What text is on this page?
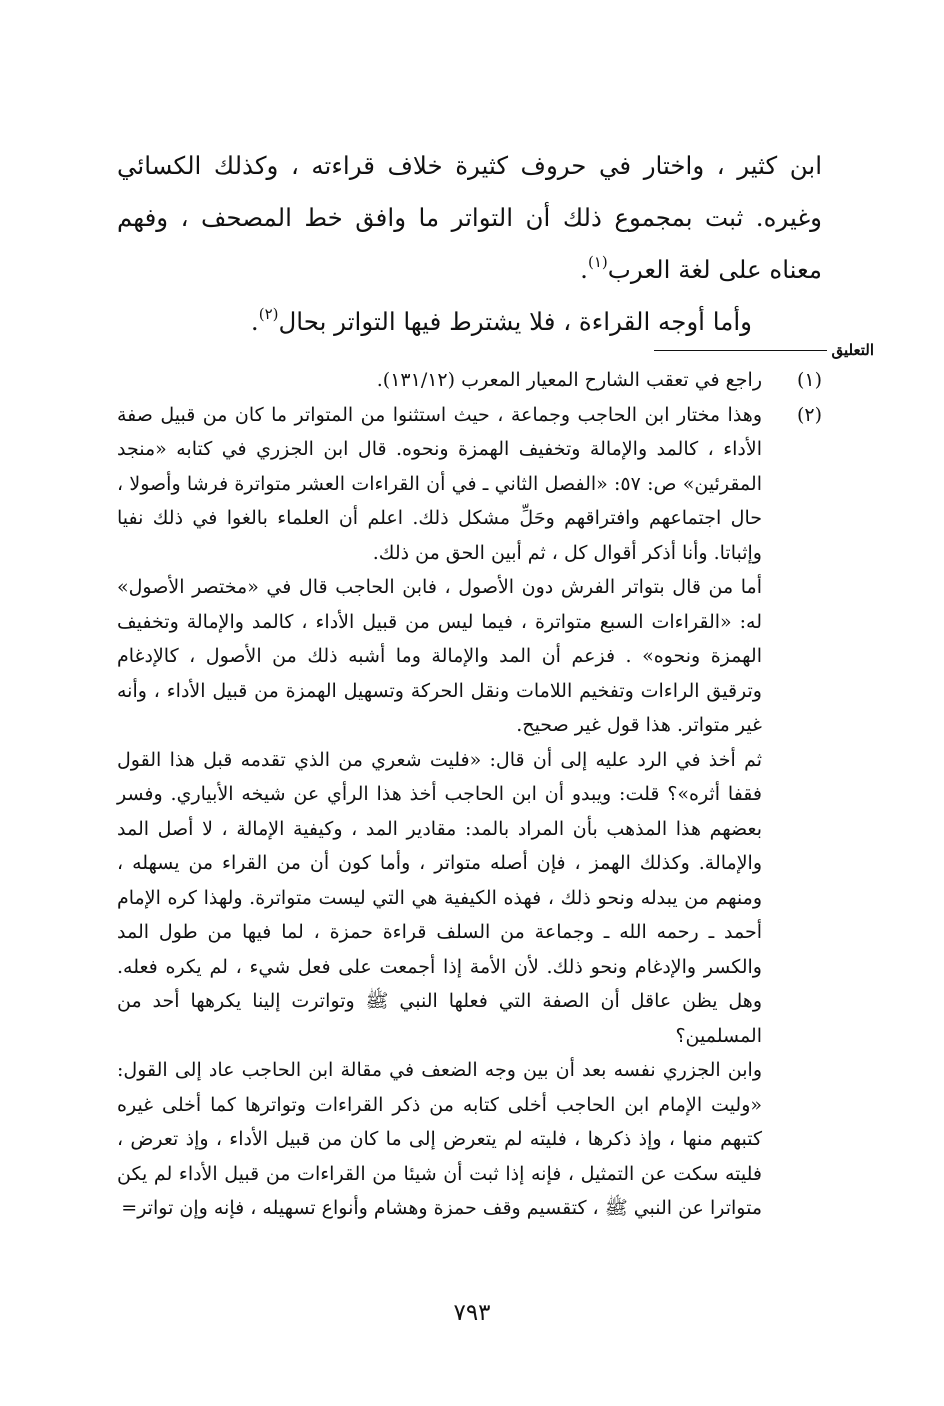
ابن كثير ، واختار في حروف كثيرة خلاف قراءته ، وكذلك الكسائي وغيره. ثبت بمجموع ذلك أن التواتر ما وافق خط المصحف ، وفهم معناه على لغة العرب$^{(١)}$.

وأما أوجه القراءة ، فلا يشترط فيها التواتر بحال$^{(٢)}$.

التعليق
(١)

راجع في تعقب الشارح المعيار المعرب (١٣١/١٢).

(٢)

وهذا مختار ابن الحاجب وجماعة ، حيث استثنوا من المتواتر ما كان من قبيل صفة الأداء ، كالمد والإمالة وتخفيف الهمزة ونحوه. قال ابن الجزري في كتابه «منجد المقرئين» ص: ٥٧: «الفصل الثاني ـ في أن القراءات العشر متواترة فرشا وأصولا ، حال اجتماعهم وافتراقهم وحَلِّ مشكل ذلك. اعلم أن العلماء بالغوا في ذلك نفيا وإثباتا. وأنا أذكر أقوال كل ، ثم أبين الحق من ذلك.

أما من قال بتواتر الفرش دون الأصول ، فابن الحاجب قال في «مختصر الأصول» له: «القراءات السبع متواترة ، فيما ليس من قبيل الأداء ، كالمد والإمالة وتخفيف الهمزة ونحوه» . فزعم أن المد والإمالة وما أشبه ذلك من الأصول ، كالإدغام وترقيق الراءات وتفخيم اللامات ونقل الحركة وتسهيل الهمزة من قبيل الأداء ، وأنه غير متواتر. هذا قول غير صحيح.

ثم أخذ في الرد عليه إلى أن قال: «فليت شعري من الذي تقدمه قبل هذا القول فقفا أثره»؟ قلت: ويبدو أن ابن الحاجب أخذ هذا الرأي عن شيخه الأبياري. وفسر بعضهم هذا المذهب بأن المراد بالمد: مقادير المد ، وكيفية الإمالة ، لا أصل المد والإمالة. وكذلك الهمز ، فإن أصله متواتر ، وأما كون أن من القراء من يسهله ، ومنهم من يبدله ونحو ذلك ، فهذه الكيفية هي التي ليست متواترة. ولهذا كره الإمام أحمد ـ رحمه الله ـ وجماعة من السلف قراءة حمزة ، لما فيها من طول المد والكسر والإدغام ونحو ذلك. لأن الأمة إذا أجمعت على فعل شيء ، لم يكره فعله. وهل يظن عاقل أن الصفة التي فعلها النبي ﷺ وتواترت إلينا يكرهها أحد من المسلمين؟

وابن الجزري نفسه بعد أن بين وجه الضعف في مقالة ابن الحاجب عاد إلى القول: «وليت الإمام ابن الحاجب أخلى كتابه من ذكر القراءات وتواترها كما أخلى غيره كتبهم منها ، وإذ ذكرها ، فليته لم يتعرض إلى ما كان من قبيل الأداء ، وإذ تعرض ، فليته سكت عن التمثيل ، فإنه إذا ثبت أن شيئا من القراءات من قبيل الأداء لم يكن متواترا عن النبي ﷺ ، كتقسيم وقف حمزة وهشام وأنواع تسهيله ، فإنه وإن تواتر=

٧٩٣
